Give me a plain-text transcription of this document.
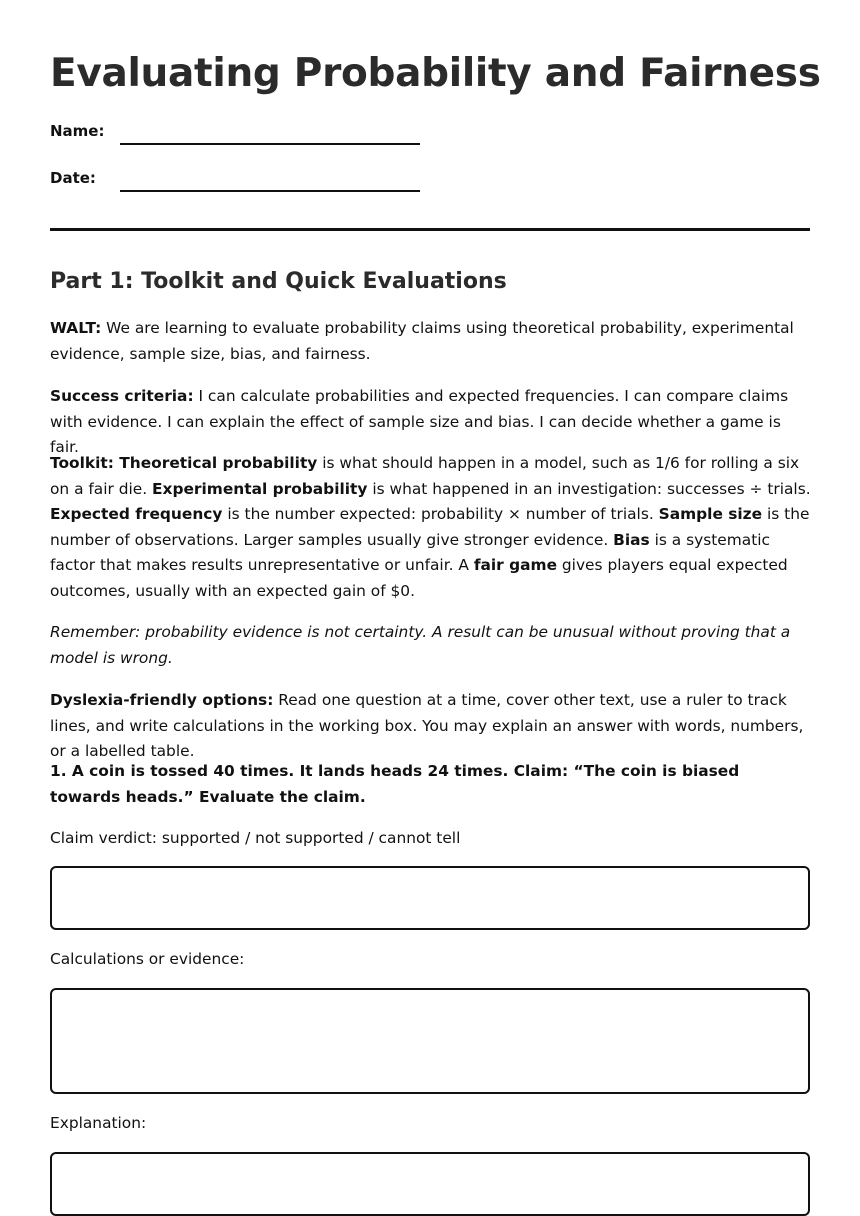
Evaluating Probability and Fairness
Name:
Date:
Part 1: Toolkit and Quick Evaluations

WALT: We are learning to evaluate probability claims using theoretical probability, experimental evidence, sample size, bias, and fairness.

Success criteria: I can calculate probabilities and expected frequencies. I can compare claims with evidence. I can explain the effect of sample size and bias. I can decide whether a game is fair.

Toolkit: Theoretical probability is what should happen in a model, such as 1/6 for rolling a six on a fair die. Experimental probability is what happened in an investigation: successes ÷ trials. Expected frequency is the number expected: probability × number of trials. Sample size is the number of observations. Larger samples usually give stronger evidence. Bias is a systematic factor that makes results unrepresentative or unfair. A fair game gives players equal expected outcomes, usually with an expected gain of $0.

Remember: probability evidence is not certainty. A result can be unusual without proving that a model is wrong.

Dyslexia-friendly options: Read one question at a time, cover other text, use a ruler to track lines, and write calculations in the working box. You may explain an answer with words, numbers, or a labelled table.

1. A coin is tossed 40 times. It lands heads 24 times. Claim: “The coin is biased towards heads.” Evaluate the claim.

Claim verdict: supported / not supported / cannot tell

Calculations or evidence:

Explanation:
